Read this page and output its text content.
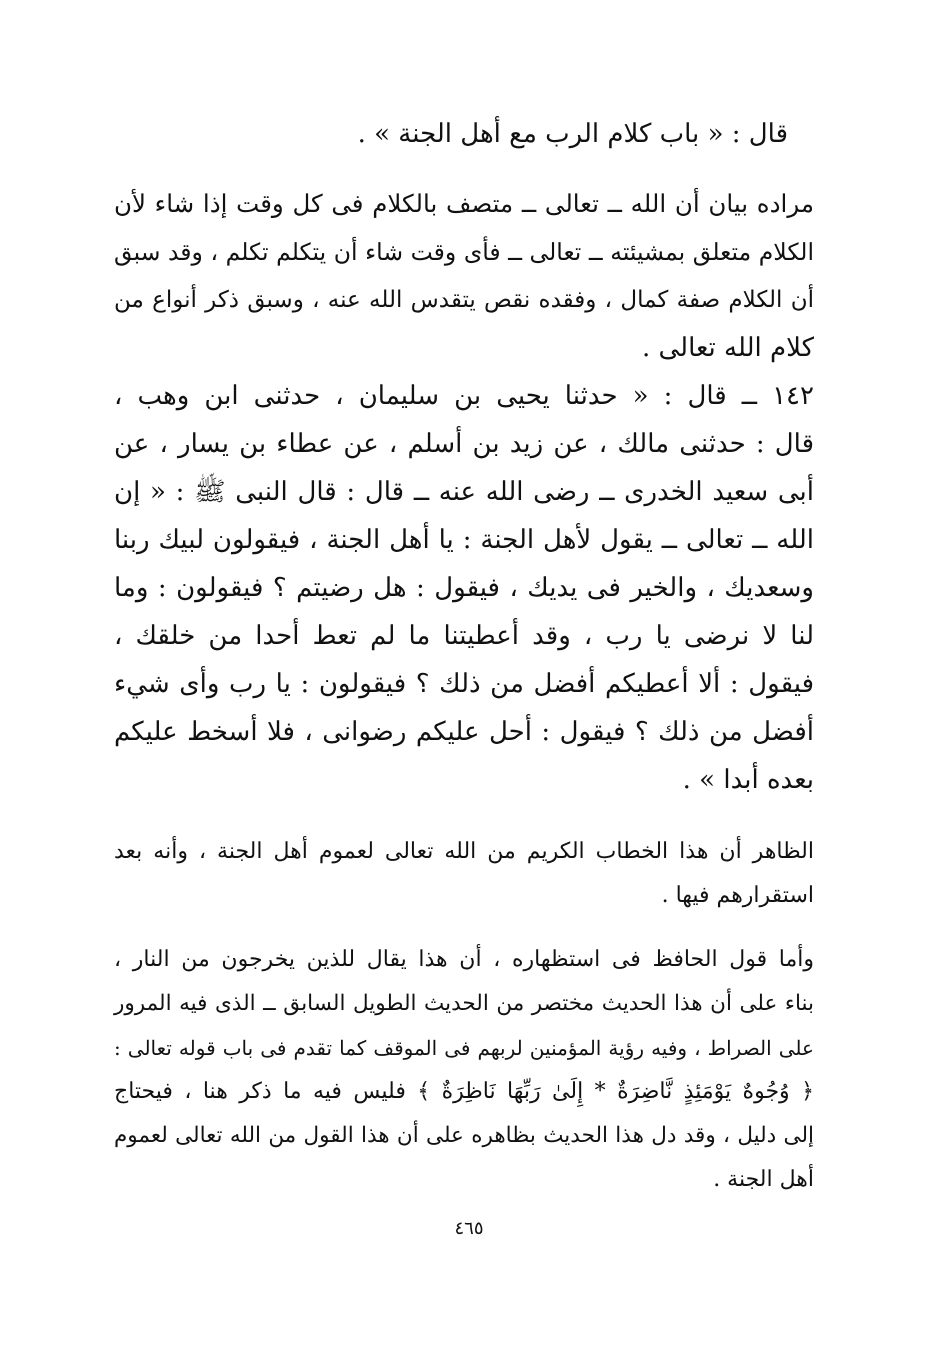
قال : « باب كلام الرب مع أهل الجنة » .
مراده بيان أن الله ــ تعالى ــ متصف بالكلام فى كل وقت إذا شاء لأن
الكلام متعلق بمشيئته ــ تعالى ــ فأى وقت شاء أن يتكلم تكلم ، وقد سبق
أن الكلام صفة كمال ، وفقده نقص يتقدس الله عنه ، وسبق ذكر أنواع من
كلام الله تعالى .
١٤٢ ــ قال : « حدثنا يحيى بن سليمان ، حدثنى ابن وهب ،
قال : حدثنى مالك ، عن زيد بن أسلم ، عن عطاء بن يسار ، عن
أبى سعيد الخدرى ــ رضى الله عنه ــ قال : قال النبى ﷺ : « إن
الله ــ تعالى ــ يقول لأهل الجنة : يا أهل الجنة ، فيقولون لبيك ربنا
وسعديك ، والخير فى يديك ، فيقول : هل رضيتم ؟ فيقولون : وما
لنا لا نرضى يا رب ، وقد أعطيتنا ما لم تعط أحدا من خلقك ،
فيقول : ألا أعطيكم أفضل من ذلك ؟ فيقولون : يا رب وأى شيء
أفضل من ذلك ؟ فيقول : أحل عليكم رضوانى ، فلا أسخط عليكم
بعده أبدا » .
الظاهر أن هذا الخطاب الكريم من الله تعالى لعموم أهل الجنة ، وأنه بعد
استقرارهم فيها .
وأما قول الحافظ فى استظهاره ، أن هذا يقال للذين يخرجون من النار ،
بناء على أن هذا الحديث مختصر من الحديث الطويل السابق ــ الذى فيه المرور
على الصراط ، وفيه رؤية المؤمنين لربهم فى الموقف كما تقدم فى باب قوله تعالى :
﴿ وُجُوهٌ يَوْمَئِذٍ نَّاضِرَةٌ * إِلَىٰ رَبِّهَا نَاظِرَةٌ ﴾ فليس فيه ما ذكر هنا ، فيحتاج
إلى دليل ، وقد دل هذا الحديث بظاهره على أن هذا القول من الله تعالى لعموم
أهل الجنة .
٤٦٥
